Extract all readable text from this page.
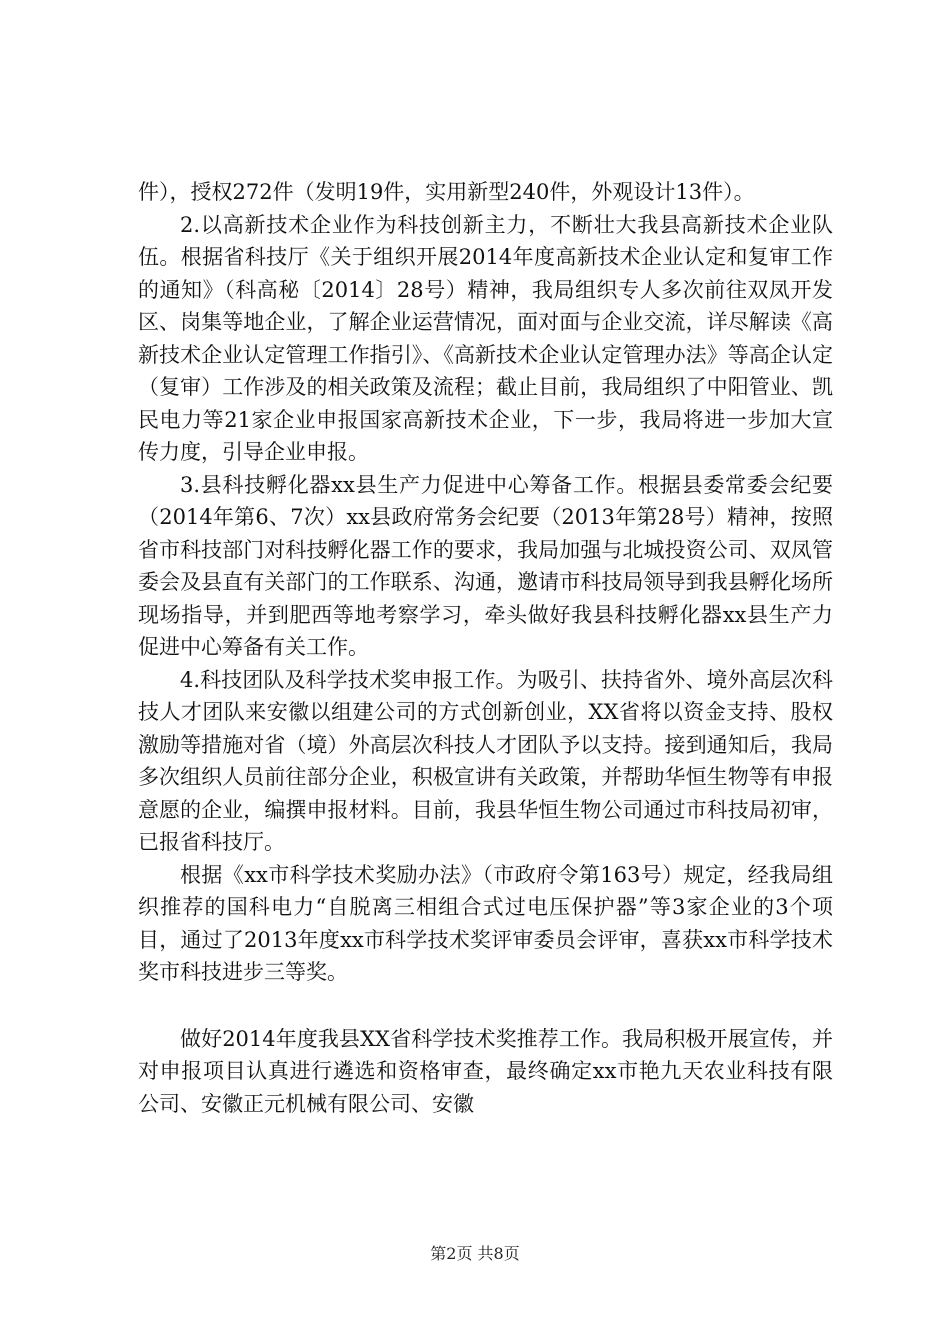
件），授权272件（发明19件，实用新型240件，外观设计13件）。

2.以高新技术企业作为科技创新主力，不断壮大我县高新技术企业队伍。根据省科技厅《关于组织开展2014年度高新技术企业认定和复审工作的通知》（科高秘〔2014〕28号）精神，我局组织专人多次前往双凤开发区、岗集等地企业，了解企业运营情况，面对面与企业交流，详尽解读《高新技术企业认定管理工作指引》、《高新技术企业认定管理办法》等高企认定（复审）工作涉及的相关政策及流程；截止目前，我局组织了中阳管业、凯民电力等21家企业申报国家高新技术企业，下一步，我局将进一步加大宣传力度，引导企业申报。

3.县科技孵化器xx县生产力促进中心筹备工作。根据县委常委会纪要（2014年第6、7次）xx县政府常务会纪要（2013年第28号）精神，按照省市科技部门对科技孵化器工作的要求，我局加强与北城投资公司、双凤管委会及县直有关部门的工作联系、沟通，邀请市科技局领导到我县孵化场所现场指导，并到肥西等地考察学习，牵头做好我县科技孵化器xx县生产力促进中心筹备有关工作。

4.科技团队及科学技术奖申报工作。为吸引、扶持省外、境外高层次科技人才团队来安徽以组建公司的方式创新创业，XX省将以资金支持、股权激励等措施对省（境）外高层次科技人才团队予以支持。接到通知后，我局多次组织人员前往部分企业，积极宣讲有关政策，并帮助华恒生物等有申报意愿的企业，编撰申报材料。目前，我县华恒生物公司通过市科技局初审，已报省科技厅。

根据《xx市科学技术奖励办法》（市政府令第163号）规定，经我局组织推荐的国科电力“自脱离三相组合式过电压保护器”等3家企业的3个项目，通过了2013年度xx市科学技术奖评审委员会评审，喜获xx市科学技术奖市科技进步三等奖。

做好2014年度我县XX省科学技术奖推荐工作。我局积极开展宣传，并对申报项目认真进行遴选和资格审查，最终确定xx市艳九天农业科技有限公司、安徽正元机械有限公司、安徽

第2页 共8页
